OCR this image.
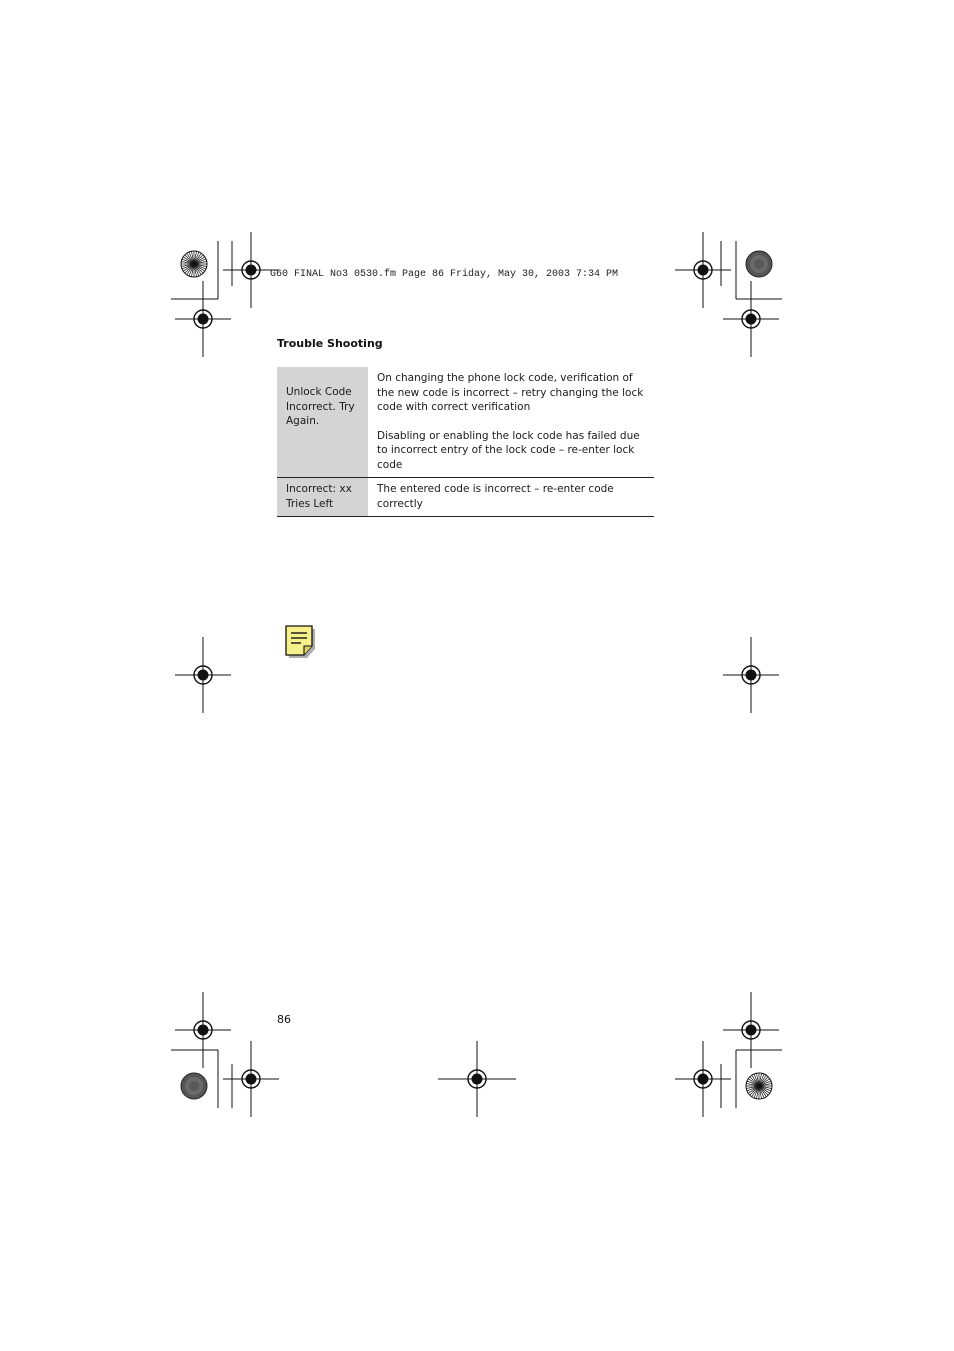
G60 FINAL No3 0530.fm Page 86 Friday, May 30, 2003 7:34 PM
Trouble Shooting
Unlock Code Incorrect. Try Again.	On changing the phone lock code, verification of the new code is incorrect – retry changing the lock code with correct verification

Disabling or enabling the lock code has failed due to incorrect entry of the lock code – re-enter lock code

Incorrect: xx Tries Left	The entered code is incorrect – re-enter code correctly

86
